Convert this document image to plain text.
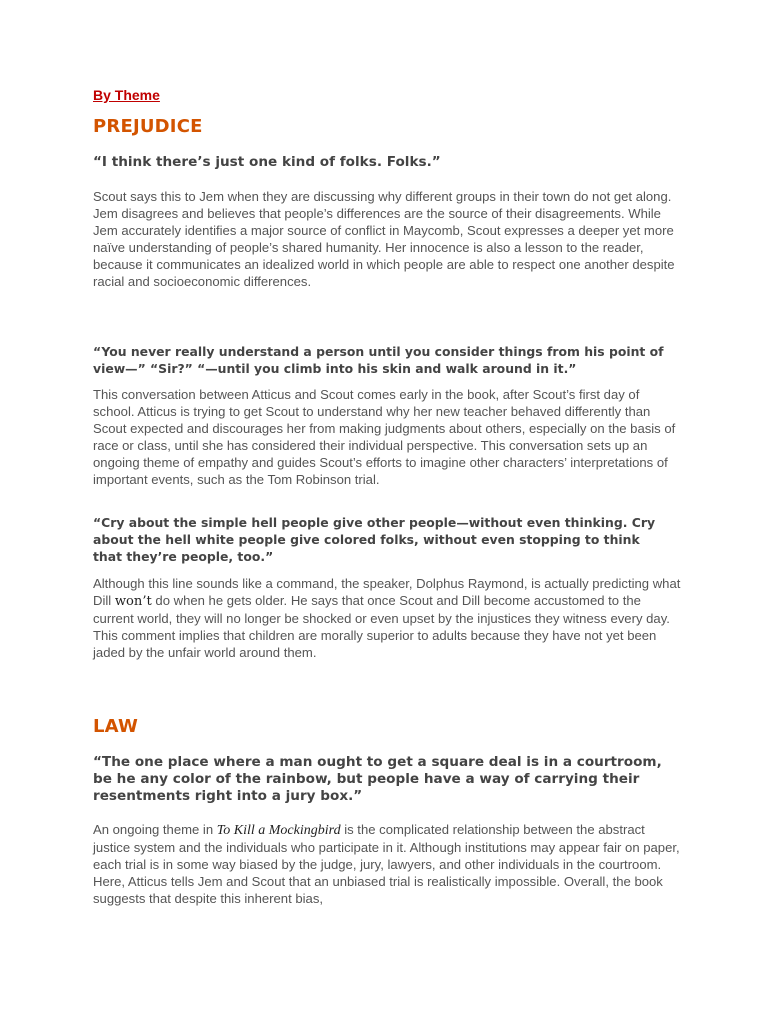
By Theme
PREJUDICE

“I think there’s just one kind of folks. Folks.”

Scout says this to Jem when they are discussing why different groups in their town do not get along. Jem disagrees and believes that people’s differences are the source of their disagreements. While Jem accurately identifies a major source of conflict in Maycomb, Scout expresses a deeper yet more naïve understanding of people’s shared humanity. Her innocence is also a lesson to the reader, because it communicates an idealized world in which people are able to respect one another despite racial and socioeconomic differences.

“You never really understand a person until you consider things from his point of view—” “Sir?” “—until you climb into his skin and walk around in it.”

This conversation between Atticus and Scout comes early in the book, after Scout’s first day of school. Atticus is trying to get Scout to understand why her new teacher behaved differently than Scout expected and discourages her from making judgments about others, especially on the basis of race or class, until she has considered their individual perspective. This conversation sets up an ongoing theme of empathy and guides Scout’s efforts to imagine other characters’ interpretations of important events, such as the Tom Robinson trial.

“Cry about the simple hell people give other people—without even thinking. Cry about the hell white people give colored folks, without even stopping to think that they’re people, too.”

Although this line sounds like a command, the speaker, Dolphus Raymond, is actually predicting what Dill won’t do when he gets older. He says that once Scout and Dill become accustomed to the current world, they will no longer be shocked or even upset by the injustices they witness every day. This comment implies that children are morally superior to adults because they have not yet been jaded by the unfair world around them.

LAW

“The one place where a man ought to get a square deal is in a courtroom, be he any color of the rainbow, but people have a way of carrying their resentments right into a jury box.”

An ongoing theme in To Kill a Mockingbird is the complicated relationship between the abstract justice system and the individuals who participate in it. Although institutions may appear fair on paper, each trial is in some way biased by the judge, jury, lawyers, and other individuals in the courtroom. Here, Atticus tells Jem and Scout that an unbiased trial is realistically impossible. Overall, the book suggests that despite this inherent bias,
